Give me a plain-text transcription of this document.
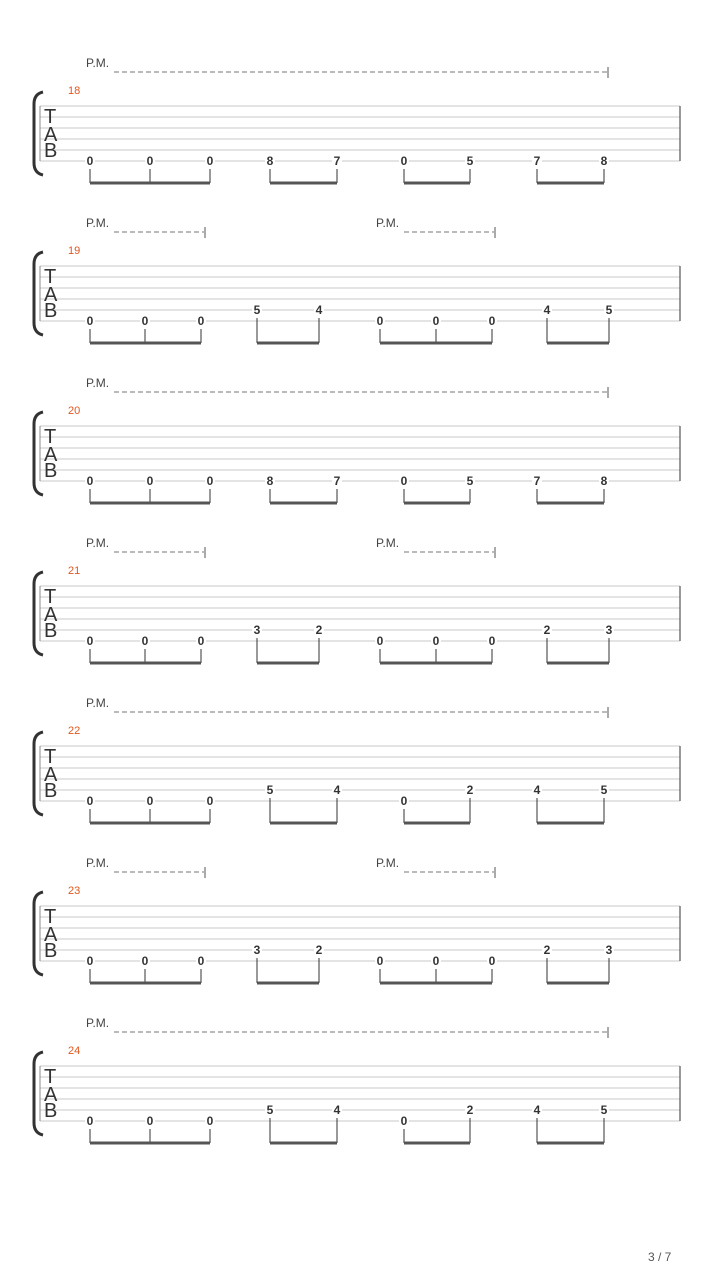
P.M.
18
T
A
B 0	0	0	8	7	0	5	7	8
P.M.	P.M.
19
T
A
B 0	0	0
5	4
0	0	0
4	5
P.M.
20
T
A
B 0	0	0	8	7	0	5	7	8
P.M.	P.M.
21
T
A
B 0	0	0
3	2
0	0	0
2	3
P.M.
22
T
A
B 0	0	0
5	4
0
2	4	5
P.M.	P.M.
23
T
A
B 0	0	0
3	2
0	0	0
2	3
P.M.
24
T
A
B 0	0	0
5	4
0
2	4	5
3 / 7
